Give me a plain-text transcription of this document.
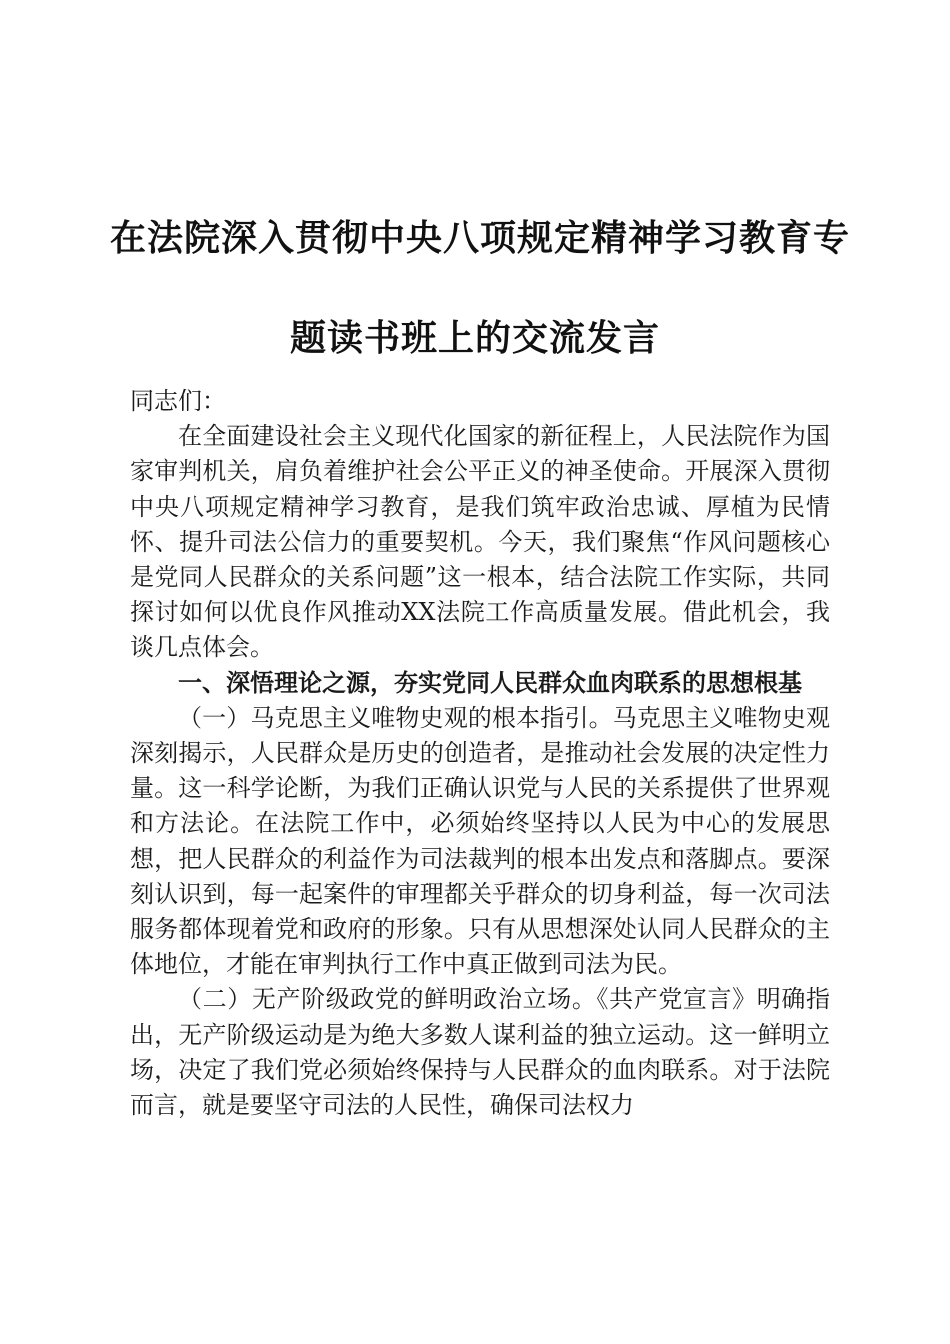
在法院深入贯彻中央八项规定精神学习教育专
题读书班上的交流发言

同志们：

在全面建设社会主义现代化国家的新征程上，人民法院作为国家审判机关，肩负着维护社会公平正义的神圣使命。开展深入贯彻中央八项规定精神学习教育，是我们筑牢政治忠诚、厚植为民情怀、提升司法公信力的重要契机。今天，我们聚焦“作风问题核心是党同人民群众的关系问题”这一根本，结合法院工作实际，共同探讨如何以优良作风推动XX法院工作高质量发展。借此机会，我谈几点体会。

一、深悟理论之源，夯实党同人民群众血肉联系的思想根基

（一）马克思主义唯物史观的根本指引。马克思主义唯物史观深刻揭示，人民群众是历史的创造者，是推动社会发展的决定性力量。这一科学论断，为我们正确认识党与人民的关系提供了世界观和方法论。在法院工作中，必须始终坚持以人民为中心的发展思想，把人民群众的利益作为司法裁判的根本出发点和落脚点。要深刻认识到，每一起案件的审理都关乎群众的切身利益，每一次司法服务都体现着党和政府的形象。只有从思想深处认同人民群众的主体地位，才能在审判执行工作中真正做到司法为民。

（二）无产阶级政党的鲜明政治立场。《共产党宣言》明确指出，无产阶级运动是为绝大多数人谋利益的独立运动。这一鲜明立场，决定了我们党必须始终保持与人民群众的血肉联系。对于法院而言，就是要坚守司法的人民性，确保司法权力
